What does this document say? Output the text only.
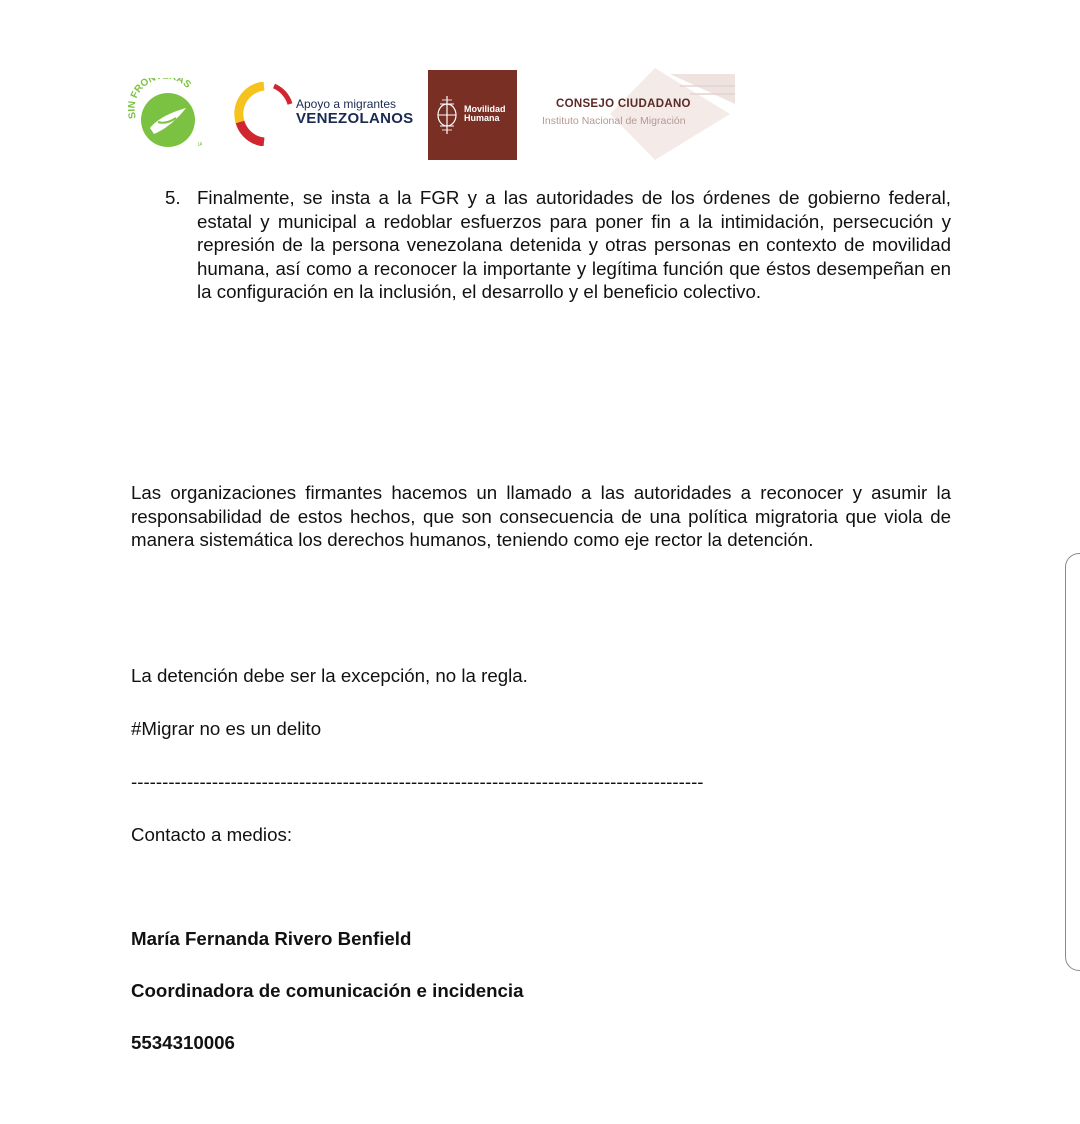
FRON AS
IA
Apoyo a migrantes
VENEZOLANOS
Movilidad
Humana
CONSEJO CIUDADANO
Instituto Nacional de Migración
5. Finalmente, se insta a la FGR y a las autoridades de los órdenes de gobierno federal, estatal y municipal a redoblar esfuerzos para poner fin a la intimidación, persecución y represión de la persona venezolana detenida y otras personas en contexto de movilidad humana, así como a reconocer la importante y legítima función que éstos desempeñan en la configuración en la inclusión, el desarrollo y el beneficio colectivo.
Las organizaciones firmantes hacemos un llamado a las autoridades a reconocer y asumir la responsabilidad de estos hechos, que son consecuencia de una política migratoria que viola de manera sistemática los derechos humanos, teniendo como eje rector la detención.
La detención debe ser la excepción, no la regla.
#Migrar no es un delito
--------------------------------------------------------------------------------------------
Contacto a medios:
María Fernanda Rivero Benfield
Coordinadora de comunicación e incidencia
5534310006
